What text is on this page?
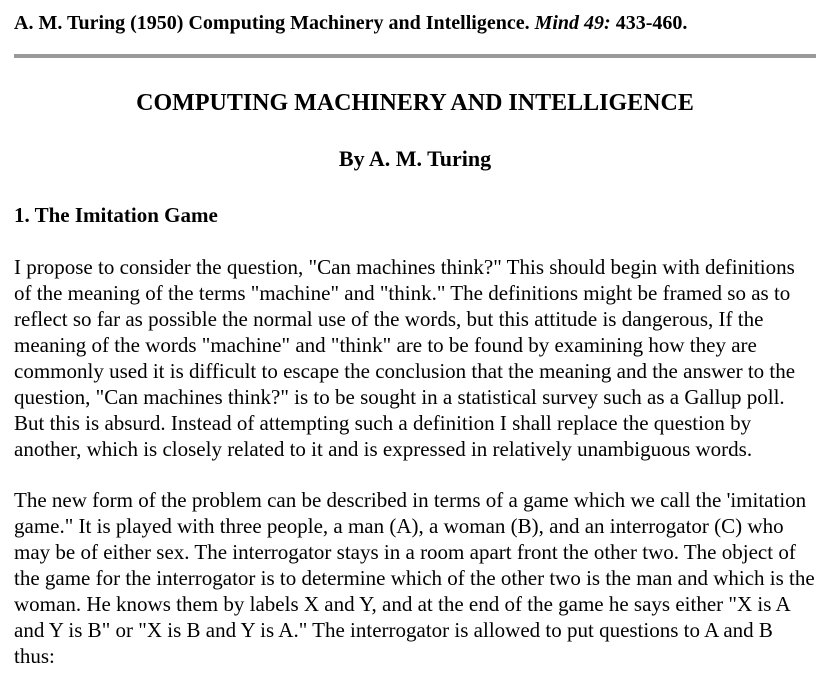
A. M. Turing (1950) Computing Machinery and Intelligence. Mind 49: 433-460.

COMPUTING MACHINERY AND INTELLIGENCE
By A. M. Turing
1. The Imitation Game

I propose to consider the question, "Can machines think?" This should begin with definitions of the meaning of the terms "machine" and "think." The definitions might be framed so as to reflect so far as possible the normal use of the words, but this attitude is dangerous, If the meaning of the words "machine" and "think" are to be found by examining how they are commonly used it is difficult to escape the conclusion that the meaning and the answer to the question, "Can machines think?" is to be sought in a statistical survey such as a Gallup poll. But this is absurd. Instead of attempting such a definition I shall replace the question by another, which is closely related to it and is expressed in relatively unambiguous words.

The new form of the problem can be described in terms of a game which we call the 'imitation game." It is played with three people, a man (A), a woman (B), and an interrogator (C) who may be of either sex. The interrogator stays in a room apart front the other two. The object of the game for the interrogator is to determine which of the other two is the man and which is the woman. He knows them by labels X and Y, and at the end of the game he says either "X is A and Y is B" or "X is B and Y is A." The interrogator is allowed to put questions to A and B thus:
